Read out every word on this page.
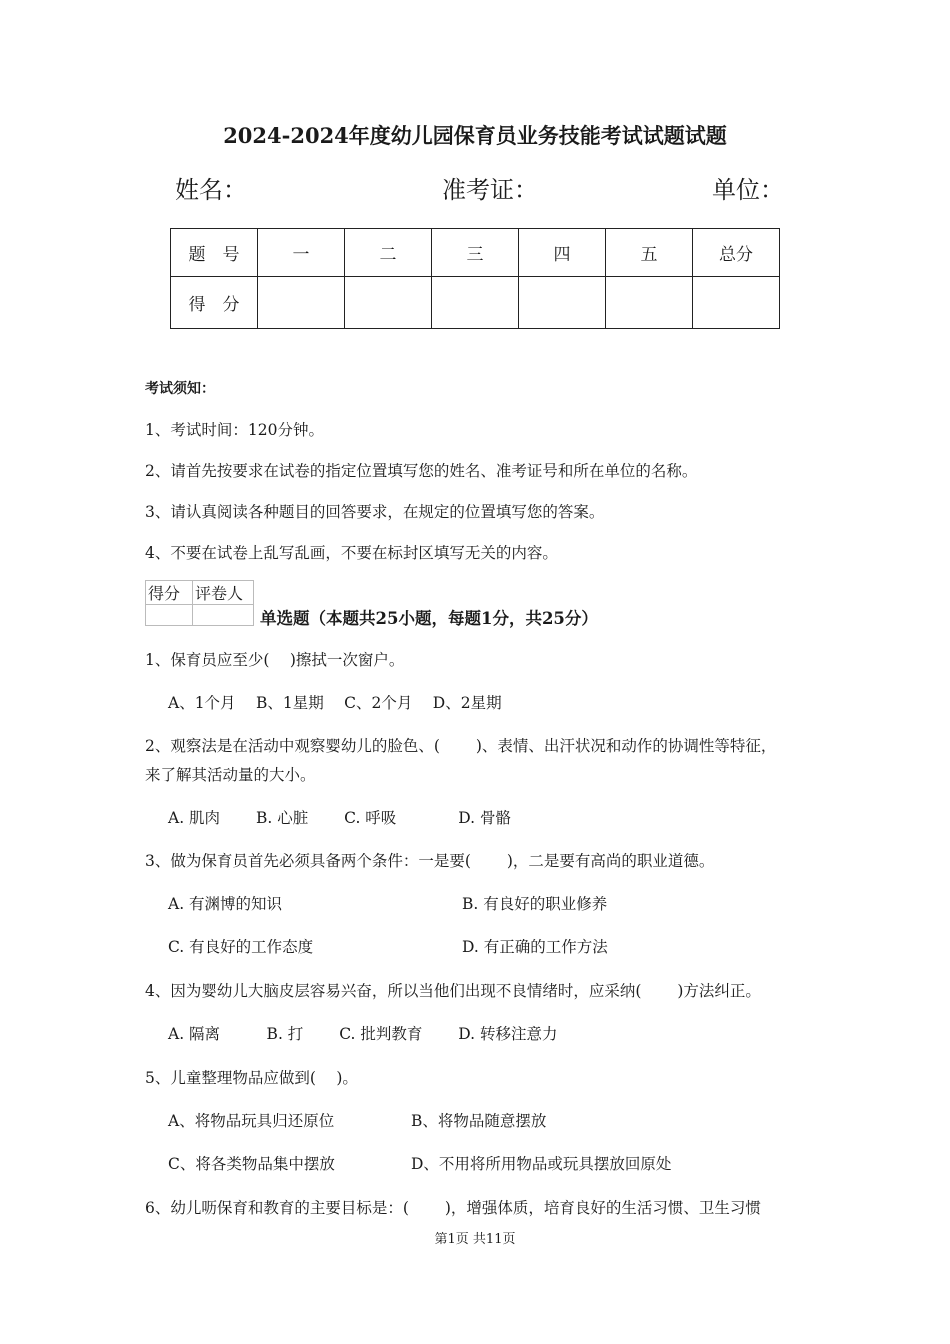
2024-2024年度幼儿园保育员业务技能考试试题试题
姓名：	准考证：	单位：
题　号	一	二	三	四	五	总分
得　分						
考试须知：
1、考试时间：120分钟。
2、请首先按要求在试卷的指定位置填写您的姓名、准考证号和所在单位的名称。
3、请认真阅读各种题目的回答要求，在规定的位置填写您的答案。
4、不要在试卷上乱写乱画，不要在标封区填写无关的内容。
得分	评卷人

单选题（本题共25小题，每题1分，共25分）
1、保育员应至少(　 )擦拭一次窗户。
A、1个月　 B、1星期　 C、2个月　 D、2星期
2、观察法是在活动中观察婴幼儿的脸色、(　　 )、表情、出汗状况和动作的协调性等特征，
来了解其活动量的大小。
A. 肌肉　　 B. 心脏　　 C. 呼吸　　　　D. 骨骼
3、做为保育员首先必须具备两个条件：一是要(　　 )，二是要有高尚的职业道德。
A. 有渊博的知识	B. 有良好的职业修养
C. 有良好的工作态度	D. 有正确的工作方法
4、因为婴幼儿大脑皮层容易兴奋，所以当他们出现不良情绪时，应采纳(　　 )方法纠正。
A. 隔离　　　B. 打　　 C. 批判教育　　 D. 转移注意力
5、儿童整理物品应做到(　 )。
A、将物品玩具归还原位	B、将物品随意摆放
C、将各类物品集中摆放	D、不用将所用物品或玩具摆放回原处
6、幼儿呖保育和教育的主要目标是：(　　 )，增强体质，培育良好的生活习惯、卫生习惯
第1页 共11页
